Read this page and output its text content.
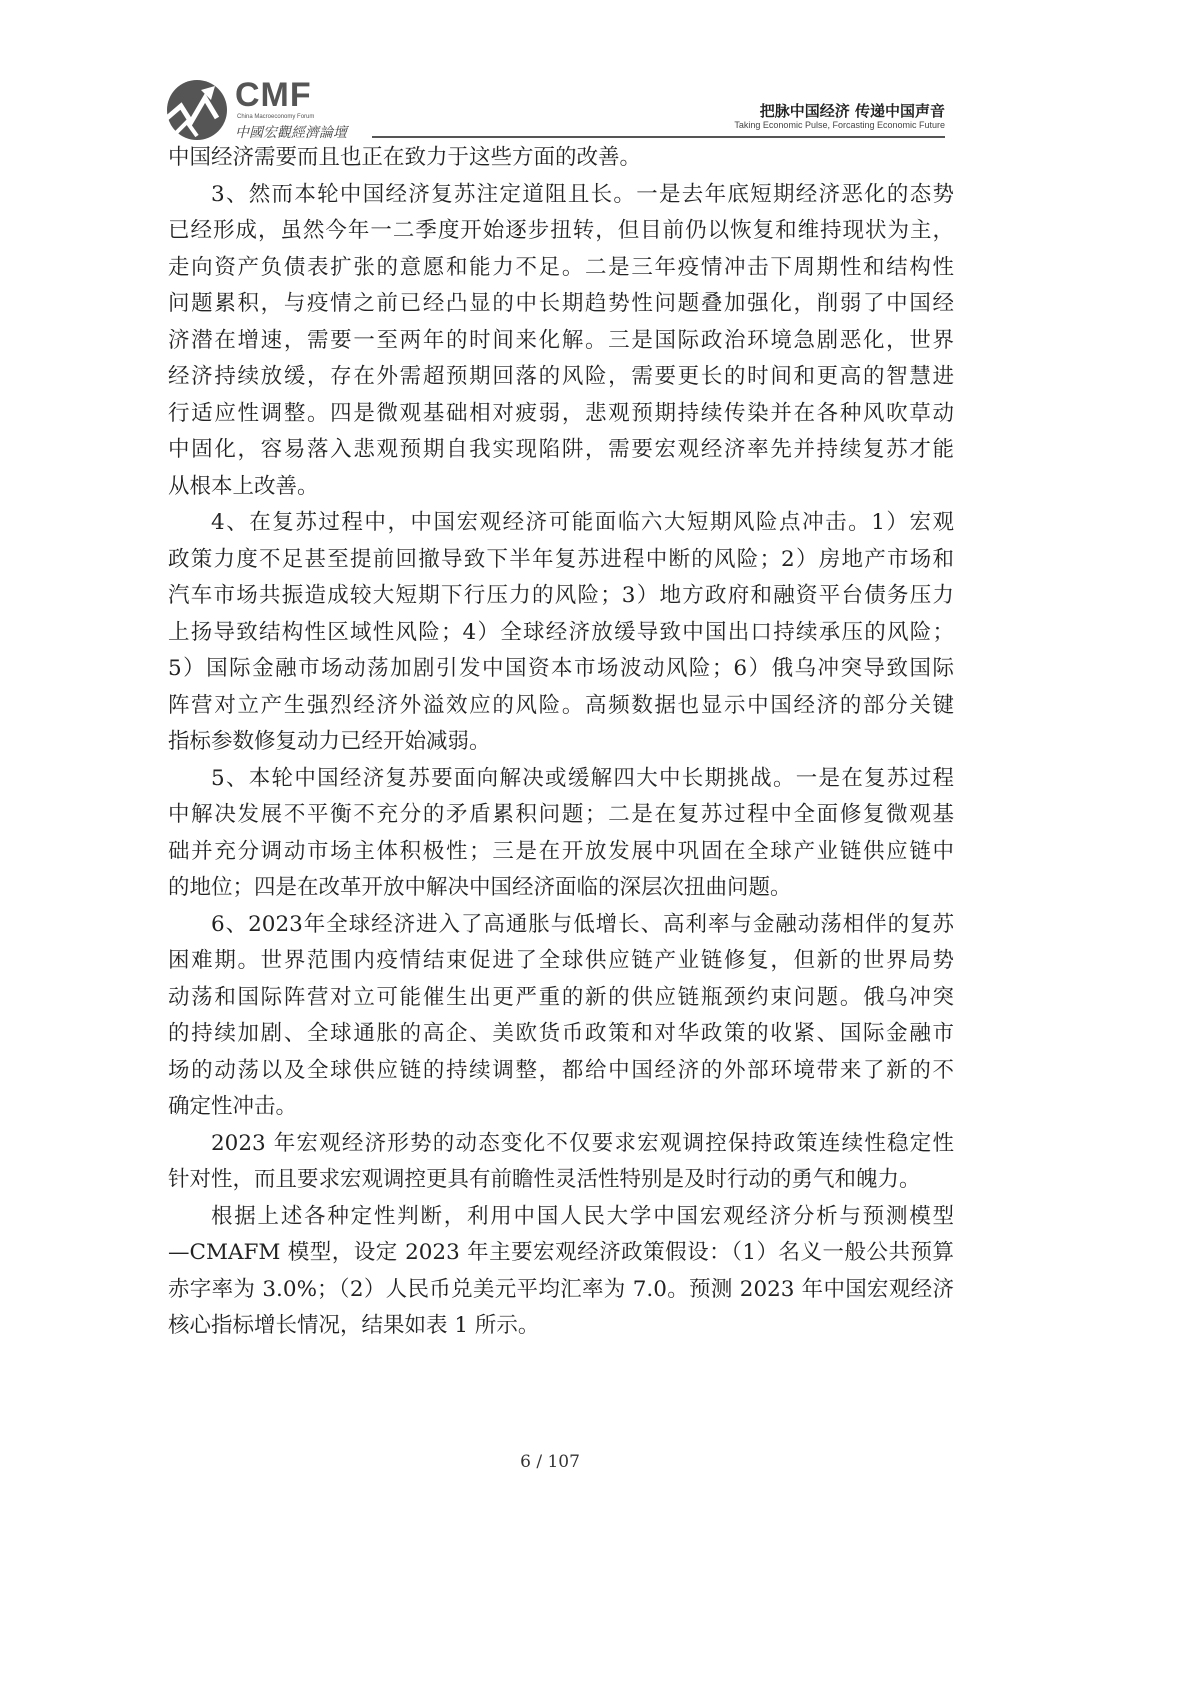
CMF
China Macroeconomy Forum
中國宏觀經濟論壇
把脉中国经济 传递中国声音
Taking Economic Pulse, Forcasting Economic Future
中国经济需要而且也正在致力于这些方面的改善。
3、然而本轮中国经济复苏注定道阻且长。一是去年底短期经济恶化的态势
已经形成，虽然今年一二季度开始逐步扭转，但目前仍以恢复和维持现状为主，
走向资产负债表扩张的意愿和能力不足。二是三年疫情冲击下周期性和结构性
问题累积，与疫情之前已经凸显的中长期趋势性问题叠加强化，削弱了中国经
济潜在增速，需要一至两年的时间来化解。三是国际政治环境急剧恶化，世界
经济持续放缓，存在外需超预期回落的风险，需要更长的时间和更高的智慧进
行适应性调整。四是微观基础相对疲弱，悲观预期持续传染并在各种风吹草动
中固化，容易落入悲观预期自我实现陷阱，需要宏观经济率先并持续复苏才能
从根本上改善。
4、在复苏过程中，中国宏观经济可能面临六大短期风险点冲击。1）宏观
政策力度不足甚至提前回撤导致下半年复苏进程中断的风险；2）房地产市场和
汽车市场共振造成较大短期下行压力的风险；3）地方政府和融资平台债务压力
上扬导致结构性区域性风险；4）全球经济放缓导致中国出口持续承压的风险；
5）国际金融市场动荡加剧引发中国资本市场波动风险；6）俄乌冲突导致国际
阵营对立产生强烈经济外溢效应的风险。高频数据也显示中国经济的部分关键
指标参数修复动力已经开始减弱。
5、本轮中国经济复苏要面向解决或缓解四大中长期挑战。一是在复苏过程
中解决发展不平衡不充分的矛盾累积问题；二是在复苏过程中全面修复微观基
础并充分调动市场主体积极性；三是在开放发展中巩固在全球产业链供应链中
的地位；四是在改革开放中解决中国经济面临的深层次扭曲问题。
6、2023年全球经济进入了高通胀与低增长、高利率与金融动荡相伴的复苏
困难期。世界范围内疫情结束促进了全球供应链产业链修复，但新的世界局势
动荡和国际阵营对立可能催生出更严重的新的供应链瓶颈约束问题。俄乌冲突
的持续加剧、全球通胀的高企、美欧货币政策和对华政策的收紧、国际金融市
场的动荡以及全球供应链的持续调整，都给中国经济的外部环境带来了新的不
确定性冲击。
2023 年宏观经济形势的动态变化不仅要求宏观调控保持政策连续性稳定性
针对性，而且要求宏观调控更具有前瞻性灵活性特别是及时行动的勇气和魄力。
根据上述各种定性判断，利用中国人民大学中国宏观经济分析与预测模型
—CMAFM 模型，设定 2023 年主要宏观经济政策假设：（1）名义一般公共预算
赤字率为 3.0%；（2）人民币兑美元平均汇率为 7.0。预测 2023 年中国宏观经济
核心指标增长情况，结果如表 1 所示。
6 / 107
